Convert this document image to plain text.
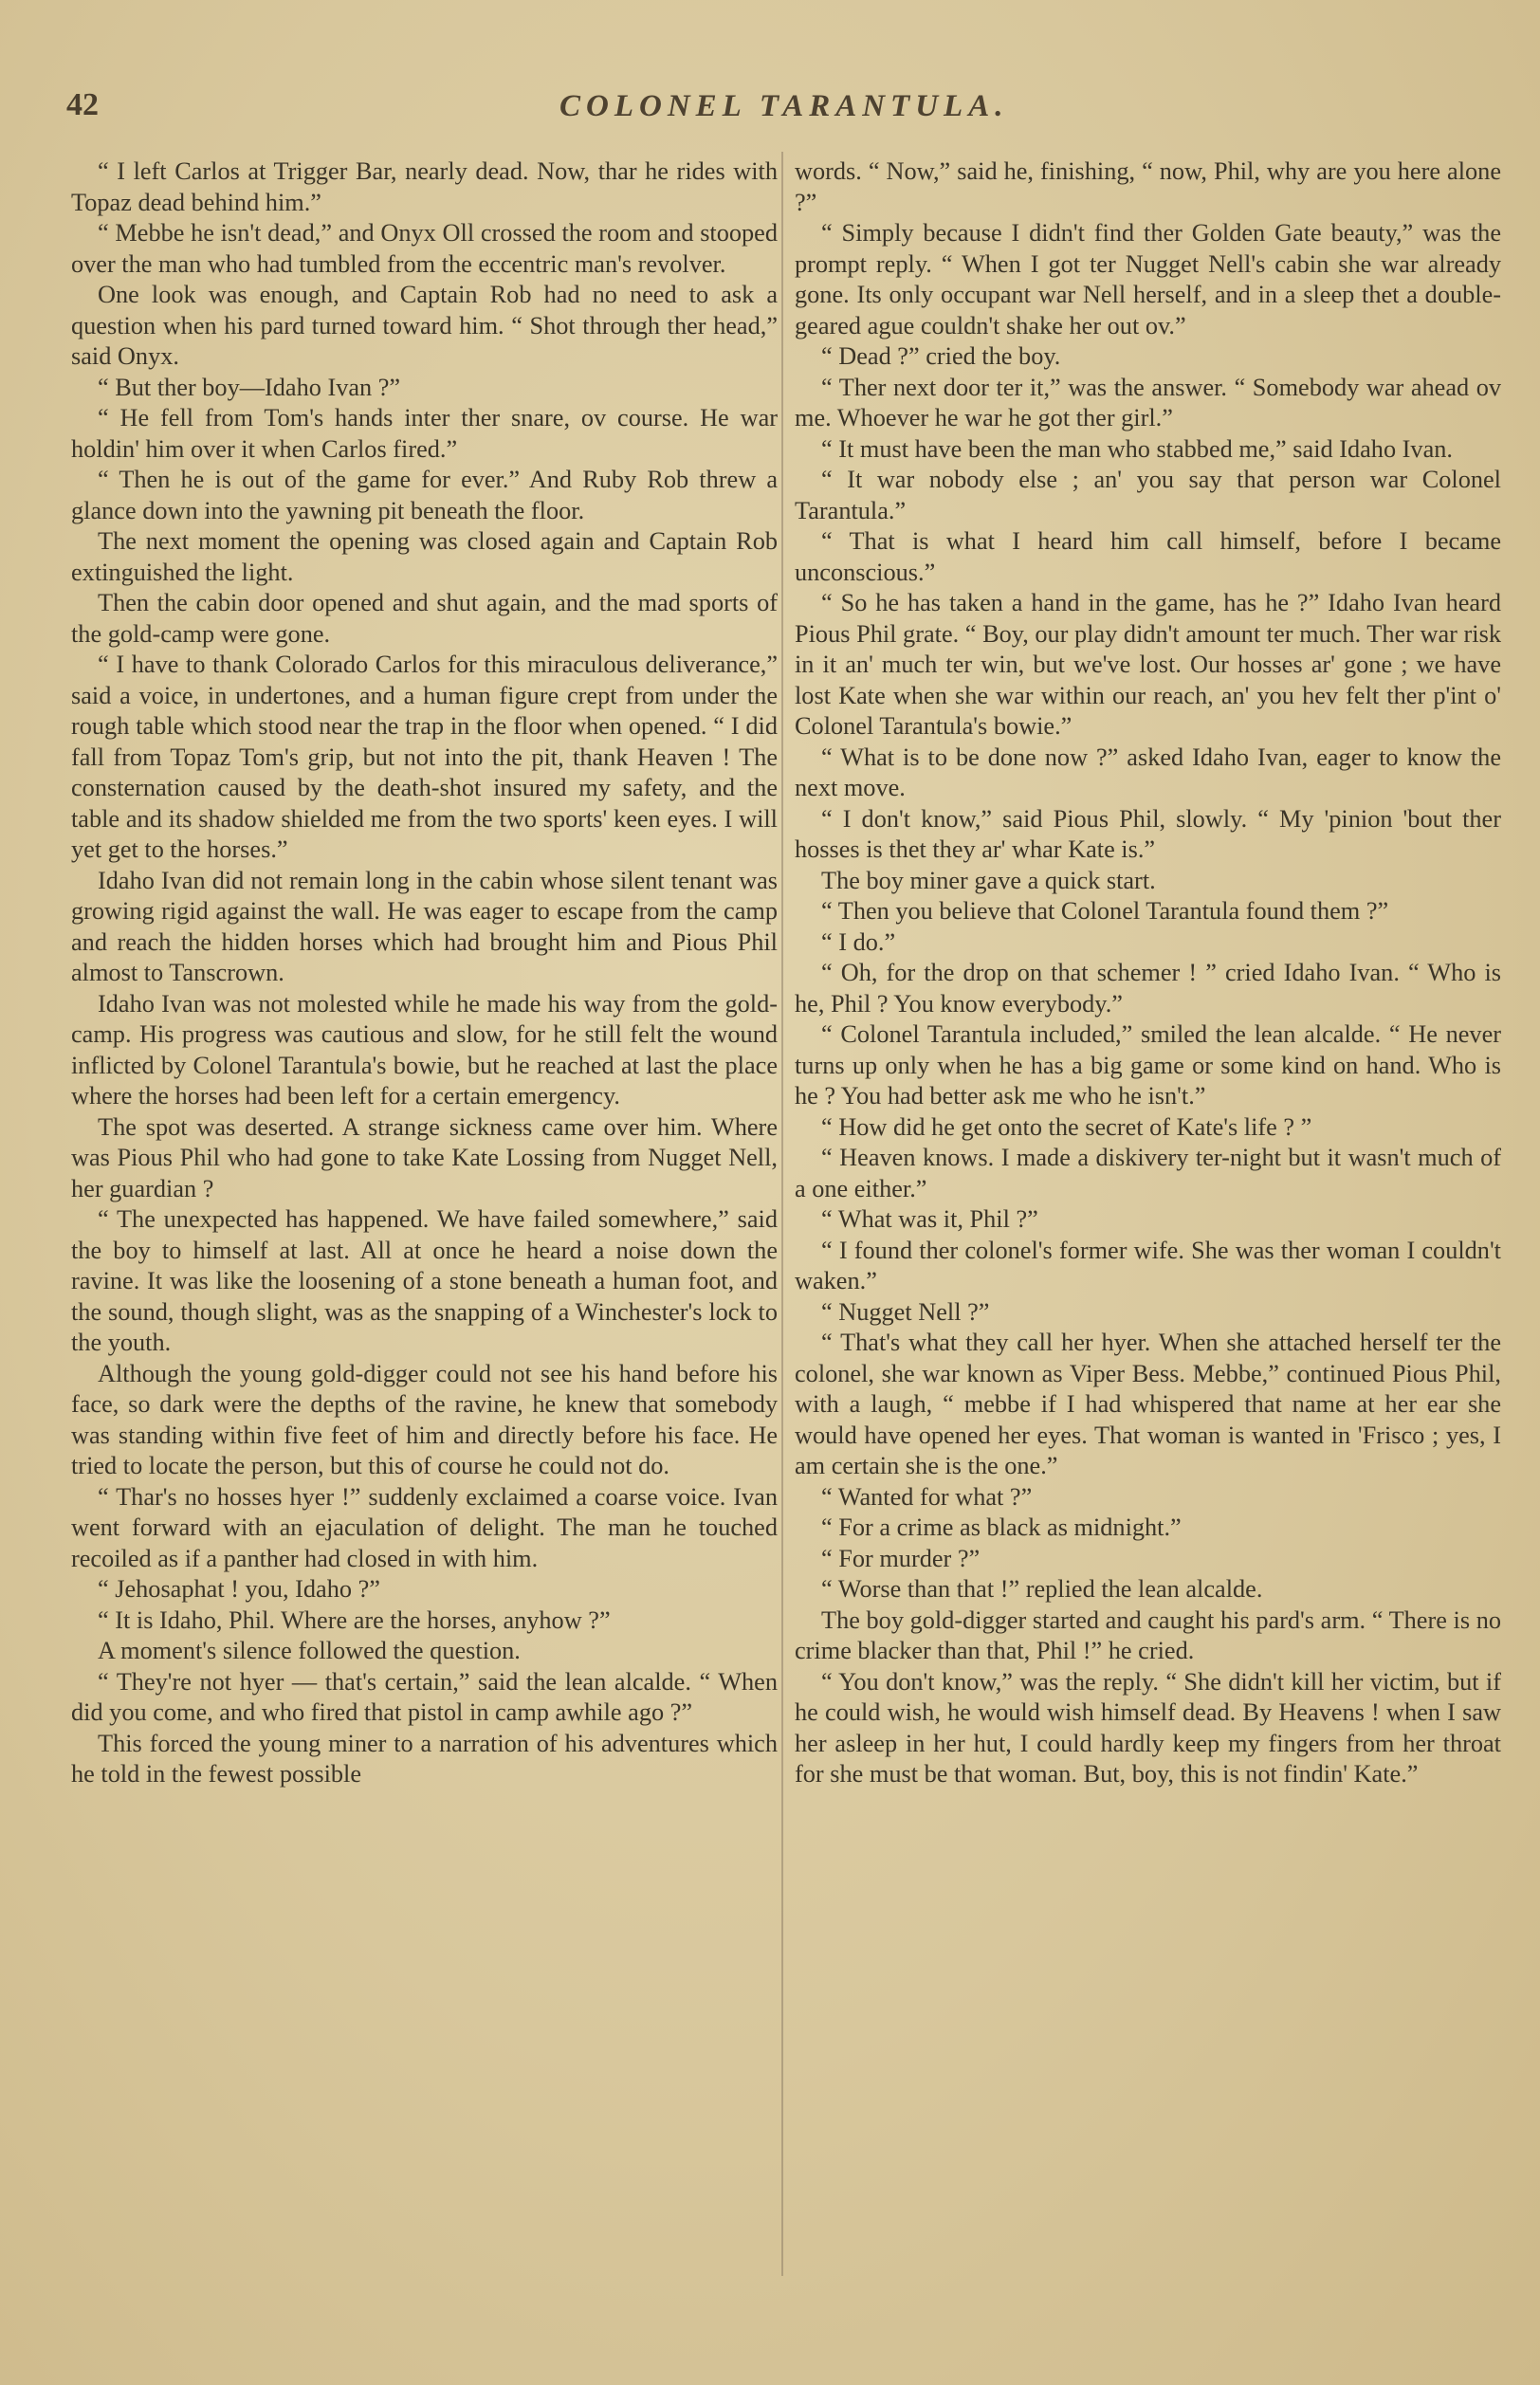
42	COLONEL TARANTULA.

“ I left Carlos at Trigger Bar, nearly dead. Now, thar he rides with Topaz dead behind him.”

“ Mebbe he isn't dead,” and Onyx Oll crossed the room and stooped over the man who had tumbled from the eccentric man's revolver.

One look was enough, and Captain Rob had no need to ask a question when his pard turned toward him. “ Shot through ther head,” said Onyx.

“ But ther boy—Idaho Ivan ?”

“ He fell from Tom's hands inter ther snare, ov course. He war holdin' him over it when Carlos fired.”

“ Then he is out of the game for ever.” And Ruby Rob threw a glance down into the yawning pit beneath the floor.

The next moment the opening was closed again and Captain Rob extinguished the light.

Then the cabin door opened and shut again, and the mad sports of the gold-camp were gone.

“ I have to thank Colorado Carlos for this miraculous deliverance,” said a voice, in undertones, and a human figure crept from under the rough table which stood near the trap in the floor when opened. “ I did fall from Topaz Tom's grip, but not into the pit, thank Heaven ! The consternation caused by the death-shot insured my safety, and the table and its shadow shielded me from the two sports' keen eyes. I will yet get to the horses.”

Idaho Ivan did not remain long in the cabin whose silent tenant was growing rigid against the wall. He was eager to escape from the camp and reach the hidden horses which had brought him and Pious Phil almost to Tanscrown.

Idaho Ivan was not molested while he made his way from the gold-camp. His progress was cautious and slow, for he still felt the wound inflicted by Colonel Tarantula's bowie, but he reached at last the place where the horses had been left for a certain emergency.

The spot was deserted. A strange sickness came over him. Where was Pious Phil who had gone to take Kate Lossing from Nugget Nell, her guardian ?

“ The unexpected has happened. We have failed somewhere,” said the boy to himself at last. All at once he heard a noise down the ravine. It was like the loosening of a stone beneath a human foot, and the sound, though slight, was as the snapping of a Winchester's lock to the youth.

Although the young gold-digger could not see his hand before his face, so dark were the depths of the ravine, he knew that somebody was standing within five feet of him and directly before his face. He tried to locate the person, but this of course he could not do.

“ Thar's no hosses hyer !” suddenly exclaimed a coarse voice. Ivan went forward with an ejaculation of delight. The man he touched recoiled as if a panther had closed in with him.

“ Jehosaphat ! you, Idaho ?”

“ It is Idaho, Phil. Where are the horses, anyhow ?”

A moment's silence followed the question.

“ They're not hyer — that's certain,” said the lean alcalde. “ When did you come, and who fired that pistol in camp awhile ago ?”

This forced the young miner to a narration of his adventures which he told in the fewest possible

words. “ Now,” said he, finishing, “ now, Phil, why are you here alone ?”

“ Simply because I didn't find ther Golden Gate beauty,” was the prompt reply. “ When I got ter Nugget Nell's cabin she war already gone. Its only occupant war Nell herself, and in a sleep thet a double-geared ague couldn't shake her out ov.”

“ Dead ?” cried the boy.

“ Ther next door ter it,” was the answer. “ Somebody war ahead ov me. Whoever he war he got ther girl.”

“ It must have been the man who stabbed me,” said Idaho Ivan.

“ It war nobody else ; an' you say that person war Colonel Tarantula.”

“ That is what I heard him call himself, before I became unconscious.”

“ So he has taken a hand in the game, has he ?” Idaho Ivan heard Pious Phil grate. “ Boy, our play didn't amount ter much. Ther war risk in it an' much ter win, but we've lost. Our hosses ar' gone ; we have lost Kate when she war within our reach, an' you hev felt ther p'int o' Colonel Tarantula's bowie.”

“ What is to be done now ?” asked Idaho Ivan, eager to know the next move.

“ I don't know,” said Pious Phil, slowly. “ My 'pinion 'bout ther hosses is thet they ar' whar Kate is.”

The boy miner gave a quick start.

“ Then you believe that Colonel Tarantula found them ?”

“ I do.”

“ Oh, for the drop on that schemer ! ” cried Idaho Ivan. “ Who is he, Phil ? You know everybody.”

“ Colonel Tarantula included,” smiled the lean alcalde. “ He never turns up only when he has a big game or some kind on hand. Who is he ? You had better ask me who he isn't.”

“ How did he get onto the secret of Kate's life ? ”

“ Heaven knows. I made a diskivery ter-night but it wasn't much of a one either.”

“ What was it, Phil ?”

“ I found ther colonel's former wife. She was ther woman I couldn't waken.”

“ Nugget Nell ?”

“ That's what they call her hyer. When she attached herself ter the colonel, she war known as Viper Bess. Mebbe,” continued Pious Phil, with a laugh, “ mebbe if I had whispered that name at her ear she would have opened her eyes. That woman is wanted in 'Frisco ; yes, I am certain she is the one.”

“ Wanted for what ?”

“ For a crime as black as midnight.”

“ For murder ?”

“ Worse than that !” replied the lean alcalde.

The boy gold-digger started and caught his pard's arm. “ There is no crime blacker than that, Phil !” he cried.

“ You don't know,” was the reply. “ She didn't kill her victim, but if he could wish, he would wish himself dead. By Heavens ! when I saw her asleep in her hut, I could hardly keep my fingers from her throat for she must be that woman. But, boy, this is not findin' Kate.”
